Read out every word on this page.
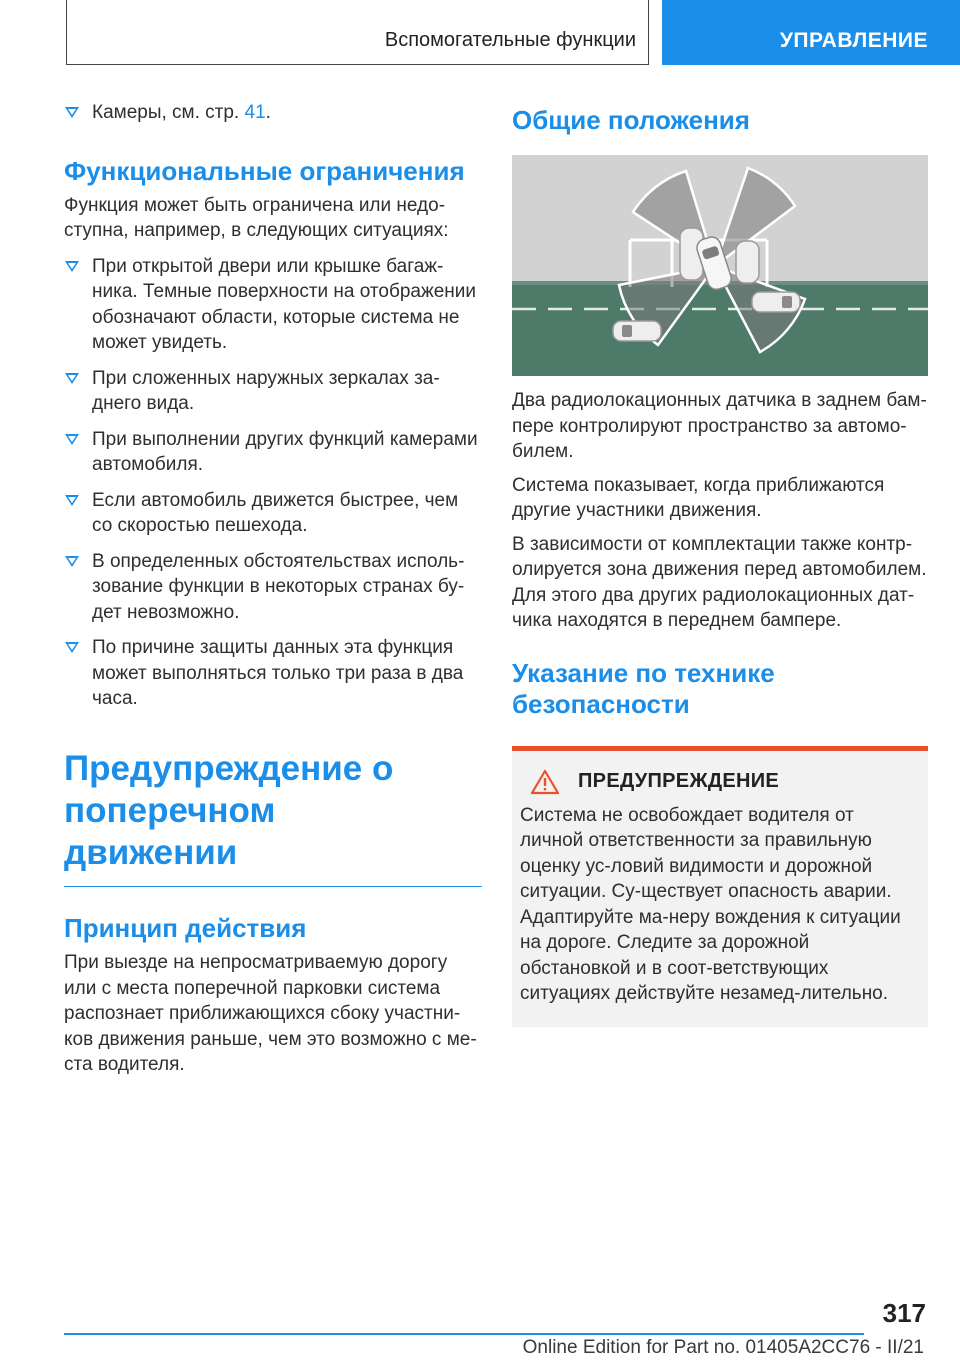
Вспомогательные функции	УПРАВЛЕНИЕ
Камеры, см. стр. 41.
Функциональные ограничения
Функция может быть ограничена или недо-ступна, например, в следующих ситуациях:
При открытой двери или крышке багаж-ника. Темные поверхности на отображении обозначают области, которые система не может увидеть.
При сложенных наружных зеркалах за-днего вида.
При выполнении других функций камерами автомобиля.
Если автомобиль движется быстрее, чем со скоростью пешехода.
В определенных обстоятельствах исполь-зование функции в некоторых странах бу-дет невозможно.
По причине защиты данных эта функция может выполняться только три раза в два часа.
Предупреждение о поперечном движении
Принцип действия
При выезде на непросматриваемую дорогу или с места поперечной парковки система распознает приближающихся сбоку участни-ков движения раньше, чем это возможно с ме-ста водителя.
Общие положения
Два радиолокационных датчика в заднем бам-пере контролируют пространство за автомо-билем.
Система показывает, когда приближаются другие участники движения.
В зависимости от комплектации также контр-олируется зона движения перед автомобилем. Для этого два других радиолокационных дат-чика находятся в переднем бампере.
Указание по технике безопасности
ПРЕДУПРЕЖДЕНИЕ
Система не освобождает водителя от личной ответственности за правильную оценку ус-ловий видимости и дорожной ситуации. Су-ществует опасность аварии. Адаптируйте ма-неру вождения к ситуации на дороге. Следите за дорожной обстановкой и в соот-ветствующих ситуациях действуйте незамед-лительно.
317
Online Edition for Part no. 01405A2CC76 - II/21
